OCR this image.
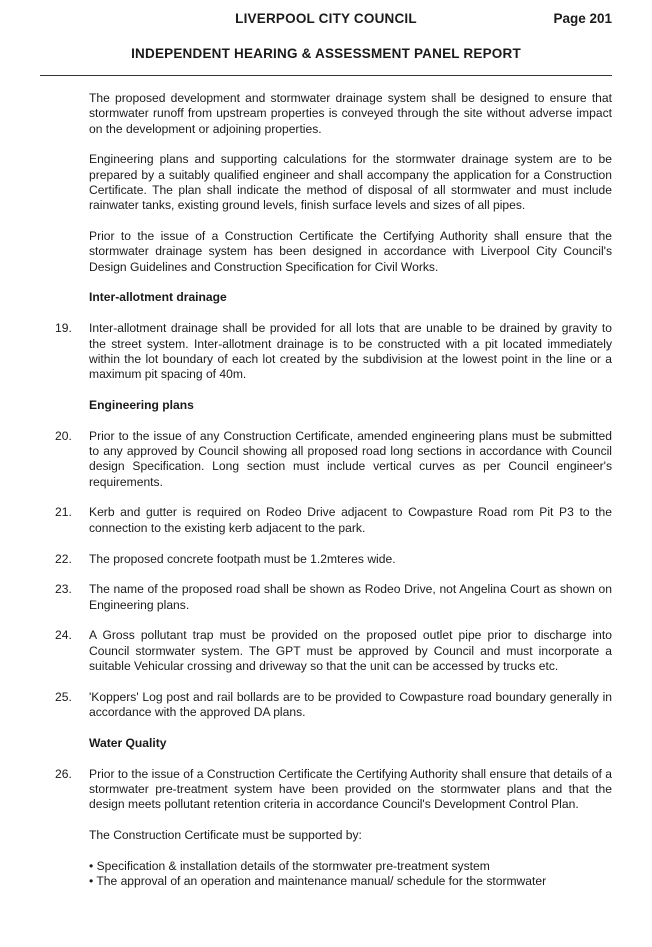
LIVERPOOL CITY COUNCIL	Page 201
INDEPENDENT HEARING & ASSESSMENT PANEL REPORT

The proposed development and stormwater drainage system shall be designed to ensure that stormwater runoff from upstream properties is conveyed through the site without adverse impact on the development or adjoining properties.

Engineering plans and supporting calculations for the stormwater drainage system are to be prepared by a suitably qualified engineer and shall accompany the application for a Construction Certificate. The plan shall indicate the method of disposal of all stormwater and must include rainwater tanks, existing ground levels, finish surface levels and sizes of all pipes.

Prior to the issue of a Construction Certificate the Certifying Authority shall ensure that the stormwater drainage system has been designed in accordance with Liverpool City Council's Design Guidelines and Construction Specification for Civil Works.

Inter-allotment drainage
19. Inter-allotment drainage shall be provided for all lots that are unable to be drained by gravity to the street system. Inter-allotment drainage is to be constructed with a pit located immediately within the lot boundary of each lot created by the subdivision at the lowest point in the line or a maximum pit spacing of 40m.
Engineering plans
20. Prior to the issue of any Construction Certificate, amended engineering plans must be submitted to any approved by Council showing all proposed road long sections in accordance with Council design Specification. Long section must include vertical curves as per Council engineer's requirements.
21. Kerb and gutter is required on Rodeo Drive adjacent to Cowpasture Road rom Pit P3 to the connection to the existing kerb adjacent to the park.
22. The proposed concrete footpath must be 1.2mteres wide.
23. The name of the proposed road shall be shown as Rodeo Drive, not Angelina Court as shown on Engineering plans.
24. A Gross pollutant trap must be provided on the proposed outlet pipe prior to discharge into Council stormwater system. The GPT must be approved by Council and must incorporate a suitable Vehicular crossing and driveway so that the unit can be accessed by trucks etc.
25. 'Koppers' Log post and rail bollards are to be provided to Cowpasture road boundary generally in accordance with the approved DA plans.
Water Quality
26. Prior to the issue of a Construction Certificate the Certifying Authority shall ensure that details of a stormwater pre-treatment system have been provided on the stormwater plans and that the design meets pollutant retention criteria in accordance Council's Development Control Plan.

The Construction Certificate must be supported by:

• Specification & installation details of the stormwater pre-treatment system

• The approval of an operation and maintenance manual/ schedule for the stormwater
